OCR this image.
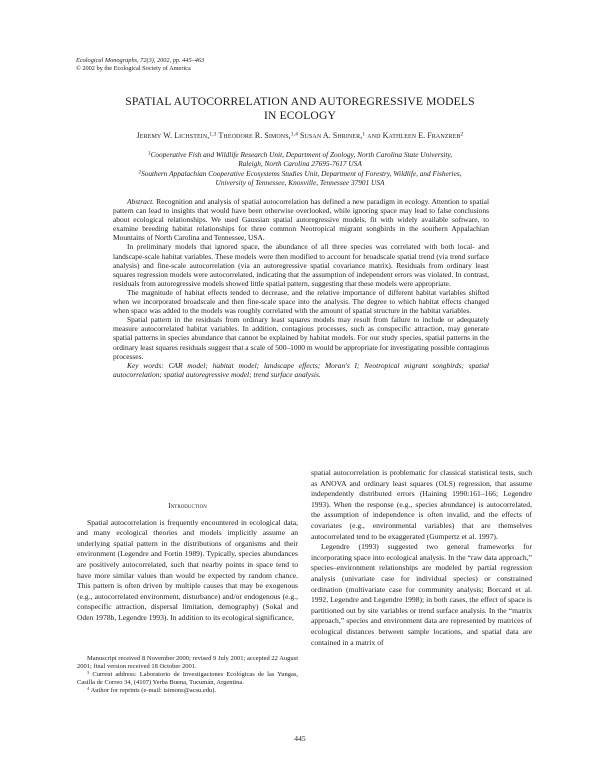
Ecological Monographs, 72(3), 2002, pp. 445–463
© 2002 by the Ecological Society of America
SPATIAL AUTOCORRELATION AND AUTOREGRESSIVE MODELS
IN ECOLOGY
Jeremy W. Lichstein,$^{1,3}$ Theodore R. Simons,$^{1,4}$ Susan A. Shriner,$^1$ and Kathleen E. Franzreb$^2$

$^1$Cooperative Fish and Wildlife Research Unit, Department of Zoology, North Carolina State University,

Raleigh, North Carolina 27695-7617 USA

$^2$Southern Appalachian Cooperative Ecosystems Studies Unit, Department of Forestry, Wildlife, and Fisheries,

University of Tennessee, Knoxville, Tennessee 37901 USA

Abstract. Recognition and analysis of spatial autocorrelation has defined a new paradigm in ecology. Attention to spatial pattern can lead to insights that would have been otherwise overlooked, while ignoring space may lead to false conclusions about ecological relationships. We used Gaussian spatial autoregressive models, fit with widely available software, to examine breeding habitat relationships for three common Neotropical migrant songbirds in the southern Appalachian Mountains of North Carolina and Tennessee, USA.

In preliminary models that ignored space, the abundance of all three species was correlated with both local- and landscape-scale habitat variables. These models were then modified to account for broadscale spatial trend (via trend surface analysis) and fine-scale autocorrelation (via an autoregressive spatial covariance matrix). Residuals from ordinary least squares regression models were autocorrelated, indicating that the assumption of independent errors was violated. In contrast, residuals from autoregressive models showed little spatial pattern, suggesting that these models were appropriate.

The magnitude of habitat effects tended to decrease, and the relative importance of different habitat variables shifted when we incorporated broadscale and then fine-scale space into the analysis. The degree to which habitat effects changed when space was added to the models was roughly correlated with the amount of spatial structure in the habitat variables.

Spatial pattern in the residuals from ordinary least squares models may result from failure to include or adequately measure autocorrelated habitat variables. In addition, contagious processes, such as conspecific attraction, may generate spatial patterns in species abundance that cannot be explained by habitat models. For our study species, spatial patterns in the ordinary least squares residuals suggest that a scale of 500–1000 m would be appropriate for investigating possible contagious processes.

Key words: CAR model; habitat model; landscape effects; Moran's I; Neotropical migrant songbirds; spatial autocorrelation; spatial autoregressive model; trend surface analysis.

Introduction

Spatial autocorrelation is frequently encountered in ecological data, and many ecological theories and models implicitly assume an underlying spatial pattern in the distributions of organisms and their environment (Legendre and Fortin 1989). Typically, species abundances are positively autocorrelated, such that nearby points in space tend to have more similar values than would be expected by random chance. This pattern is often driven by multiple causes that may be exogenous (e.g., autocorrelated environment, disturbance) and/or endogenous (e.g., conspecific attraction, dispersal limitation, demography) (Sokal and Oden 1978b, Legendre 1993). In addition to its ecological significance,

Manuscript received 8 November 2000; revised 9 July 2001; accepted 22 August 2001; final version received 18 October 2001.

$^3$ Current address: Laboratorio de Investigaciones Ecológicas de las Yungas, Casilla de Correo 34, (4107) Yerba Buena, Tucumán, Argentina.

$^4$ Author for reprints (e-mail: tsimons@acsu.edu).

spatial autocorrelation is problematic for classical statistical tests, such as ANOVA and ordinary least squares (OLS) regression, that assume independently distributed errors (Haining 1990:161–166; Legendre 1993). When the response (e.g., species abundance) is autocorrelated, the assumption of independence is often invalid, and the effects of covariates (e.g., environmental variables) that are themselves autocorrelated tend to be exaggerated (Gumpertz et al. 1997).

Legendre (1993) suggested two general frameworks for incorporating space into ecological analysis. In the “raw data approach,” species–environment relationships are modeled by partial regression analysis (univariate case for individual species) or constrained ordination (multivariate case for community analysis; Borcard et al. 1992, Legendre and Legendre 1998); in both cases, the effect of space is partitioned out by site variables or trend surface analysis. In the “matrix approach,” species and environment data are represented by matrices of ecological distances between sample locations, and spatial data are contained in a matrix of

445
